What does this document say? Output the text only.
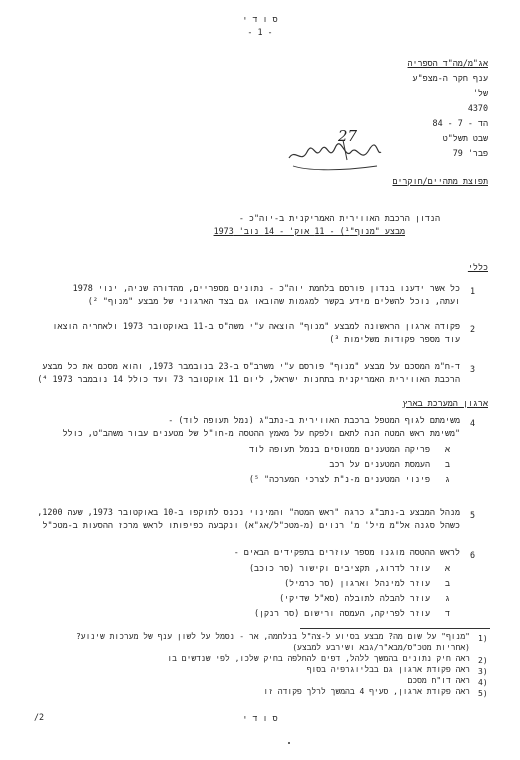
ס ו ד י
- 1 -
אג"מ/מה"ד הספריה
ענף חקר ה-מצפ"ע
של'
4370
הד - 7 - 84
שבט תשל"ט
פבר' 79
27
תפוצת מתהיים/חוקרים
הנדון הרכבת האווירית האמריקנית ב-יוה"כ -
מבצע "מנוף"¹) - 11 אוק' - 14 נוב' 1973
כללי
1
כל אשר ידענו בנדון פורסם בלחמת יוה"כ - נתונים מספריים, מהדורה שניה, ינוי 1978
ועתה, נוכל להשלים מידע בקשר למגמות שהובאו גם בצד הארגוני של מבצע "מנוף" ²)
2
פקודה ארגון הראשונה למבצע "מנוף" הוצאה ע"י משה"ס ב-11 באוקטובר 1973 ולאחריה הוצאו
עוד מספר פקודות משלימות ³)
3
ד-ח"מ המסכם על מבצע "מנוף" פורסם ע"י משרב"ס ב-23 בנובמבר 1973, והוא מסכם את כל מבצע
הרכבת האווירית האמריקנית בתחנות ישראל, ליום 11 אוקטובר 73 ועד כולל 14 נובמבר 1973 ⁴)
ארגון המערכת בארץ
4
משימתם לגוף המטפל ברכבת האווירית ב-נתב"ג (נמל תעופה לוד) -
"משימת ראש המטה הנה לתאם ולפקח על מאמץ ההטסה מ-חו"ל של מטענים עבור משהב"ט, כולל
א
פריקה המטענים ממטוסים בנמל תעופה לוד
ב
העמסת המטענים על רכב
ג
פינוי המטענים מ-נ"ת לצרכי המערכה" ⁵)
5
מנהל המבצע ב-נתב"ג כרגה "ראש המטה" והמינוי נכנס לתוקפו ב-10 באוקטובר 1973, שעה 1200,
כשהל סגנה אל"מ מיל' מ' רנוים (מ-מטכ"ל/אג"א) ונקבעה כפיפותו לראש מרכז ההסעות ב-מטכ"ל
6
לראש ההטסה מוגנו מספר עוזרים בתפקידים הבאים -
א
עוזר לדרוג, תקציבים וקישור (סר כוכב)
ב
עוזר למינהל וארגון (סר כרמיל)
ג
עוזר להבלה לתובלה (סא"ל שדיקי)
ד
עוזר לפריקה, העמסה ורישום (סר רנקן)
1)
"מנוף" על שום מה? מבצע בסיוע ל-צה"ל בנלחמה, אר - נסמל על לשון ענף של מערכות שינוע?
(אחריות מטכ"ס/מבא"ר/גבא ושירבע למבצע)
2)
ראה חיק נתונים בהמשך ללהל, דפים להחלפה בחיק שלכו, לפי שנדשים בו
3)
ראה פקודת ארגון גם בבליוגרפיה בסוף
4)
ראה דו"ח מסכם
5)
ראה פקודת ארגון, סעיף 4 בהמשך לרלך פקודה זו
/2	ס ו ד י
